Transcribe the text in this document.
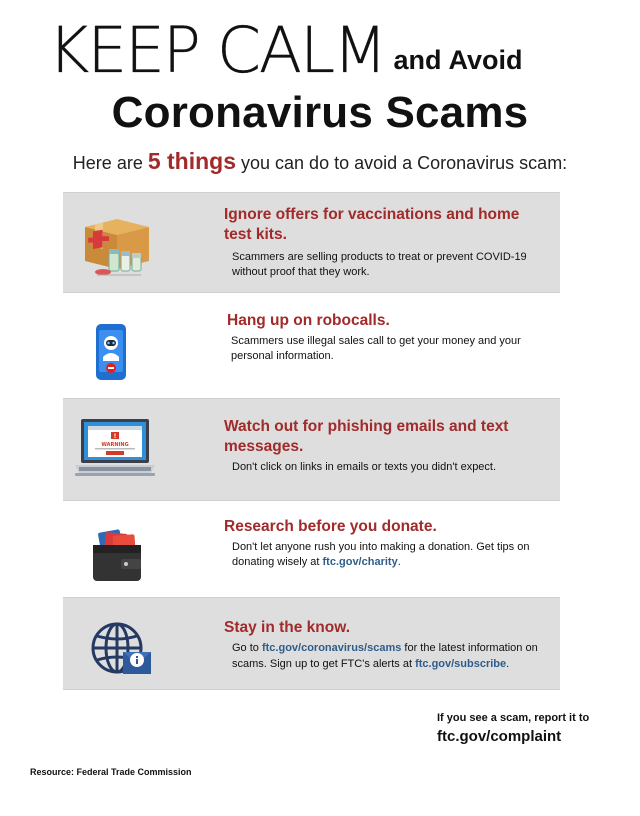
KEEP CALM and Avoid
Coronavirus Scams
Here are 5 things you can do to avoid a Coronavirus scam:
Ignore offers for vaccinations and home test kits.

Scammers are selling products to treat or prevent COVID-19 without proof that they work.

Hang up on robocalls.

Scammers use illegal sales call to get your money and your personal information.

!
WARNING
Watch out for phishing emails and text messages.

Don't click on links in emails or texts you didn't expect.

Research before you donate.

Don't let anyone rush you into making a donation. Get tips on donating wisely at ftc.gov/charity.

Stay in the know.

Go to ftc.gov/coronavirus/scams for the latest information on scams. Sign up to get FTC's alerts at ftc.gov/subscribe.

If you see a scam, report it to
ftc.gov/complaint
Resource: Federal Trade Commission
